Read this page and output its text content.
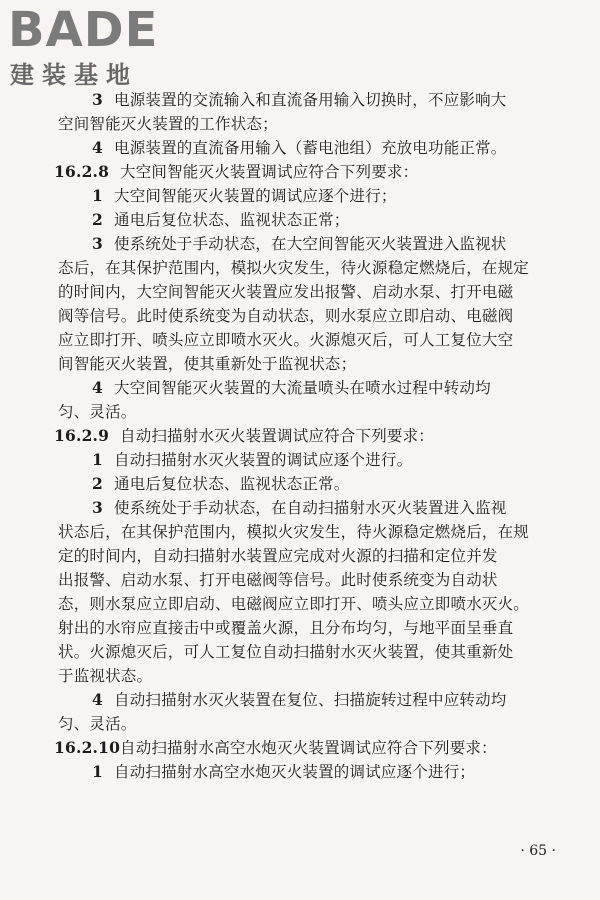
BADE
建装基地
3 电源装置的交流输入和直流备用输入切换时，不应影响大
空间智能灭火装置的工作状态；
4 电源装置的直流备用输入（蓄电池组）充放电功能正常。
16.2.8 大空间智能灭火装置调试应符合下列要求：
1 大空间智能灭火装置的调试应逐个进行；
2 通电后复位状态、监视状态正常；
3 使系统处于手动状态，在大空间智能灭火装置进入监视状
态后，在其保护范围内，模拟火灾发生，待火源稳定燃烧后，在规定
的时间内，大空间智能灭火装置应发出报警、启动水泵、打开电磁
阀等信号。此时使系统变为自动状态，则水泵应立即启动、电磁阀
应立即打开、喷头应立即喷水灭火。火源熄灭后，可人工复位大空
间智能灭火装置，使其重新处于监视状态；
4 大空间智能灭火装置的大流量喷头在喷水过程中转动均
匀、灵活。
16.2.9 自动扫描射水灭火装置调试应符合下列要求：
1 自动扫描射水灭火装置的调试应逐个进行。
2 通电后复位状态、监视状态正常。
3 使系统处于手动状态，在自动扫描射水灭火装置进入监视
状态后，在其保护范围内，模拟火灾发生，待火源稳定燃烧后，在规
定的时间内，自动扫描射水装置应完成对火源的扫描和定位并发
出报警、启动水泵、打开电磁阀等信号。此时使系统变为自动状
态，则水泵应立即启动、电磁阀应立即打开、喷头应立即喷水灭火。
射出的水帘应直接击中或覆盖火源，且分布均匀，与地平面呈垂直
状。火源熄灭后，可人工复位自动扫描射水灭火装置，使其重新处
于监视状态。
4 自动扫描射水灭火装置在复位、扫描旋转过程中应转动均
匀、灵活。
16.2.10自动扫描射水高空水炮灭火装置调试应符合下列要求：
1 自动扫描射水高空水炮灭火装置的调试应逐个进行；
· 65 ·
